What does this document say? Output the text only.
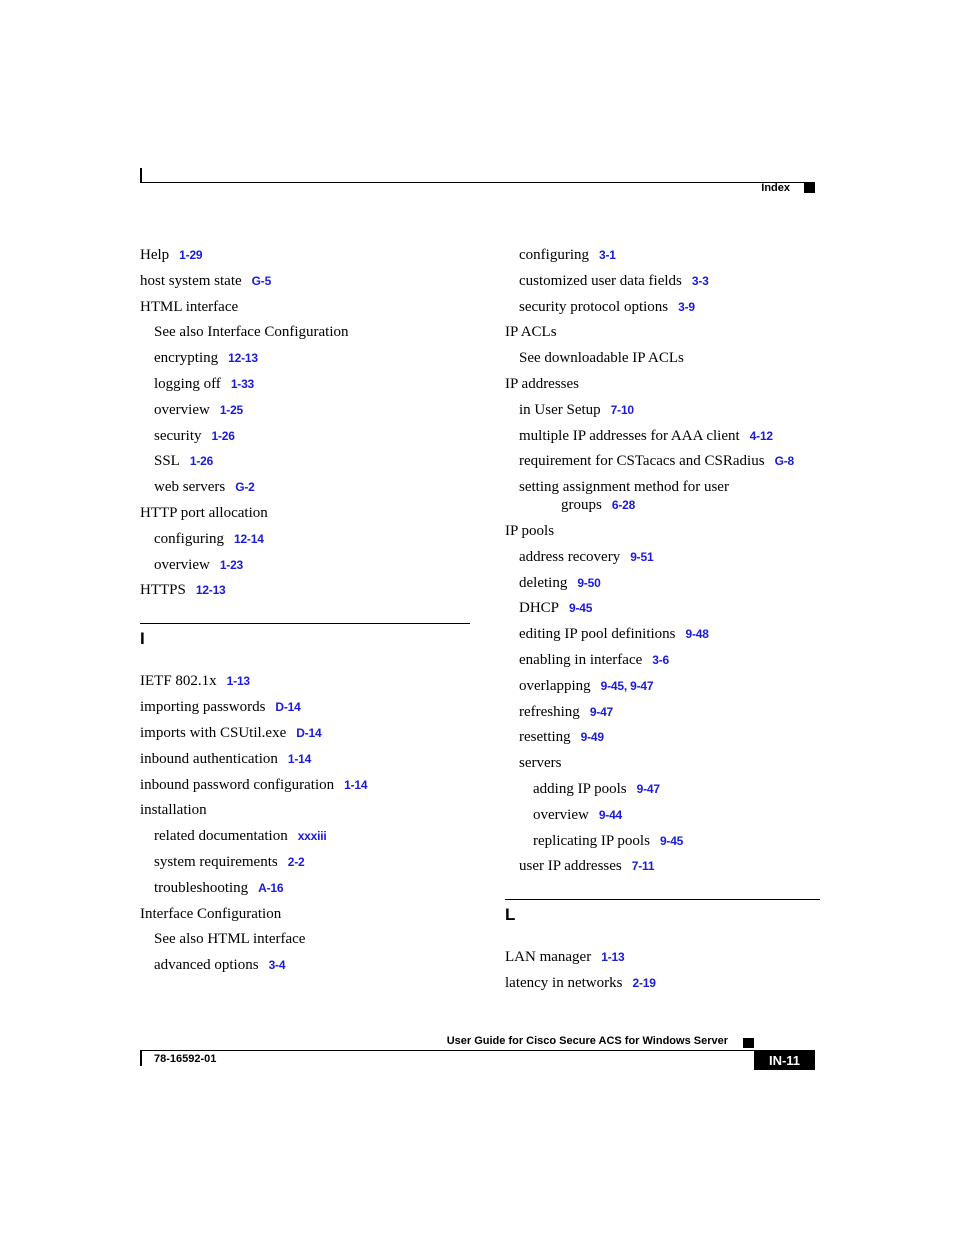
Index
Help 1-29
host system state G-5
HTML interface
See also Interface Configuration
encrypting 12-13
logging off 1-33
overview 1-25
security 1-26
SSL 1-26
web servers G-2
HTTP port allocation
configuring 12-14
overview 1-23
HTTPS 12-13
I
IETF 802.1x 1-13
importing passwords D-14
imports with CSUtil.exe D-14
inbound authentication 1-14
inbound password configuration 1-14
installation
related documentation xxxiii
system requirements 2-2
troubleshooting A-16
Interface Configuration
See also HTML interface
advanced options 3-4
configuring 3-1
customized user data fields 3-3
security protocol options 3-9
IP ACLs
See downloadable IP ACLs
IP addresses
in User Setup 7-10
multiple IP addresses for AAA client 4-12
requirement for CSTacacs and CSRadius G-8
setting assignment method for user
groups 6-28
IP pools
address recovery 9-51
deleting 9-50
DHCP 9-45
editing IP pool definitions 9-48
enabling in interface 3-6
overlapping 9-45, 9-47
refreshing 9-47
resetting 9-49
servers
adding IP pools 9-47
overview 9-44
replicating IP pools 9-45
user IP addresses 7-11
L
LAN manager 1-13
latency in networks 2-19
User Guide for Cisco Secure ACS for Windows Server
78-16592-01	IN-11
